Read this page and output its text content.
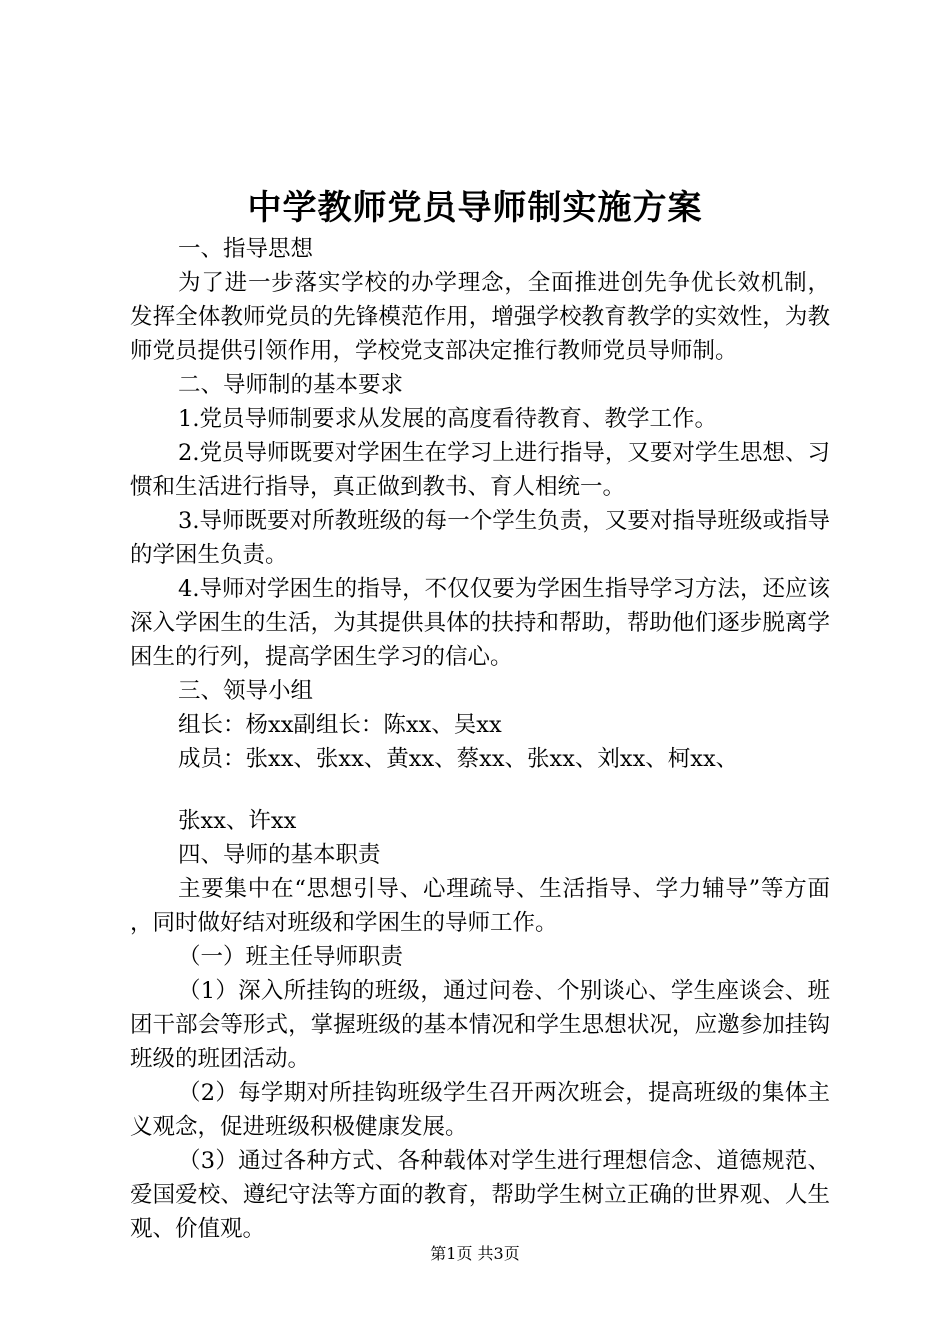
中学教师党员导师制实施方案

一、指导思想

为了进一步落实学校的办学理念，全面推进创先争优长效机制，发挥全体教师党员的先锋模范作用，增强学校教育教学的实效性，为教师党员提供引领作用，学校党支部决定推行教师党员导师制。

二、导师制的基本要求

1.党员导师制要求从发展的高度看待教育、教学工作。

2.党员导师既要对学困生在学习上进行指导，又要对学生思想、习惯和生活进行指导，真正做到教书、育人相统一。

3.导师既要对所教班级的每一个学生负责，又要对指导班级或指导的学困生负责。

4.导师对学困生的指导，不仅仅要为学困生指导学习方法，还应该深入学困生的生活，为其提供具体的扶持和帮助，帮助他们逐步脱离学困生的行列，提高学困生学习的信心。

三、领导小组

组长：杨xx副组长：陈xx、吴xx

成员：张xx、张xx、黄xx、蔡xx、张xx、刘xx、柯xx、

张xx、许xx

四、导师的基本职责

主要集中在“思想引导、心理疏导、生活指导、学力辅导”等方面，同时做好结对班级和学困生的导师工作。

（一）班主任导师职责

（1）深入所挂钩的班级，通过问卷、个别谈心、学生座谈会、班团干部会等形式，掌握班级的基本情况和学生思想状况，应邀参加挂钩班级的班团活动。

（2）每学期对所挂钩班级学生召开两次班会，提高班级的集体主义观念，促进班级积极健康发展。

（3）通过各种方式、各种载体对学生进行理想信念、道德规范、爱国爱校、遵纪守法等方面的教育，帮助学生树立正确的世界观、人生观、价值观。

第1页 共3页
